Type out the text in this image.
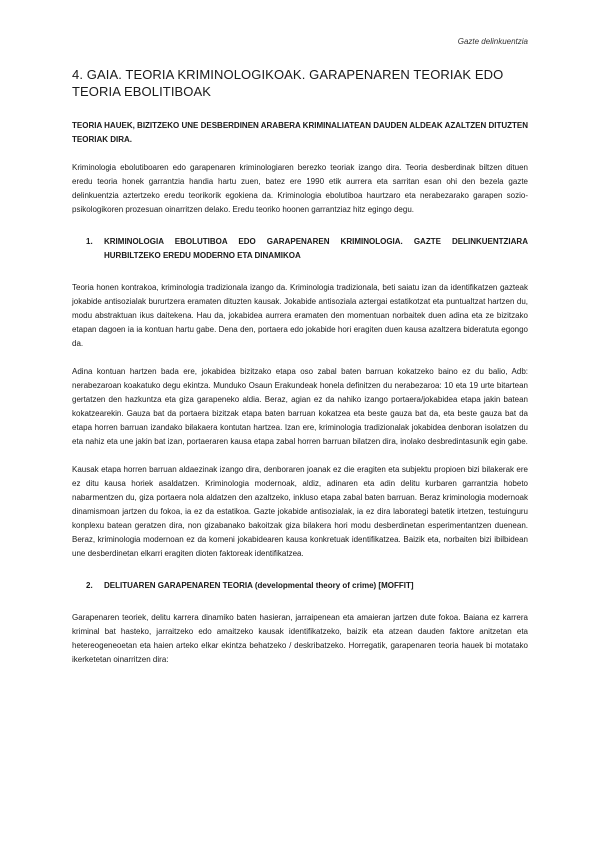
Gazte delinkuentzia
4. GAIA. TEORIA KRIMINOLOGIKOAK. GARAPENAREN TEORIAK EDO TEORIA EBOLITIBOAK
TEORIA HAUEK, BIZITZEKO UNE DESBERDINEN ARABERA KRIMINALIATEAN DAUDEN ALDEAK AZALTZEN DITUZTEN TEORIAK DIRA.

Kriminologia ebolutiboaren edo garapenaren kriminologiaren berezko teoriak izango dira. Teoria desberdinak biltzen dituen eredu teoria honek garrantzia handia hartu zuen, batez ere 1990 etik aurrera eta sarritan esan ohi den bezela gazte delinkuentzia aztertzeko eredu teorikorik egokiena da. Kriminologia ebolutiboa haurtzaro eta nerabezarako garapen sozio-psikologikoren prozesuan oinarritzen delako. Eredu teoriko hoonen garrantziaz hitz egingo degu.

1.	KRIMINOLOGIA EBOLUTIBOA EDO GARAPENAREN KRIMINOLOGIA. GAZTE DELINKUENTZIARA HURBILTZEKO EREDU MODERNO ETA DINAMIKOA

Teoria honen kontrakoa, kriminologia tradizionala izango da. Kriminologia tradizionala, beti saiatu izan da identifikatzen gazteak jokabide antisozialak bururtzera eramaten dituzten kausak. Jokabide antisoziala aztergai estatikotzat eta puntualtzat hartzen du, modu abstraktuan ikus daitekena. Hau da, jokabidea aurrera eramaten den momentuan norbaitek duen adina eta ze bizitzako etapan dagoen ia ia kontuan hartu gabe. Dena den, portaera edo jokabide hori eragiten duen kausa azaltzera bideratuta egongo da.

Adina kontuan hartzen bada ere, jokabidea bizitzako etapa oso zabal baten barruan kokatzeko baino ez du balio, Adb: nerabezaroan koakatuko degu ekintza. Munduko Osaun Erakundeak honela definitzen du nerabezaroa: 10 eta 19 urte bitartean gertatzen den hazkuntza eta giza garapeneko aldia. Beraz, agian ez da nahiko izango portaera/jokabidea etapa jakin batean kokatzearekin. Gauza bat da portaera bizitzak etapa baten barruan kokatzea eta beste gauza bat da, eta beste gauza bat da etapa horren barruan izandako bilakaera kontutan hartzea. Izan ere, kriminologia tradizionalak jokabidea denboran isolatzen du eta nahiz eta une jakin bat izan, portaeraren kausa etapa zabal horren barruan bilatzen dira, inolako desbredintasunik egin gabe.

Kausak etapa horren barruan aldaezinak izango dira, denboraren joanak ez die eragiten eta subjektu propioen bizi bilakerak ere ez ditu kausa horiek asaldatzen. Kriminologia modernoak, aldiz, adinaren eta adin delitu kurbaren garrantzia hobeto nabarmentzen du, giza portaera nola aldatzen den azaltzeko, inkluso etapa zabal baten barruan. Beraz kriminologia modernoak dinamismoan jartzen du fokoa, ia ez da estatikoa. Gazte jokabide antisozialak, ia ez dira laborategi batetik irtetzen, testuinguru konplexu batean geratzen dira, non gizabanako bakoitzak giza bilakera hori modu desberdinetan esperimentantzen duenean. Beraz, kriminologia modernoan ez da komeni jokabidearen kausa konkretuak identifikatzea. Baizik eta, norbaiten bizi ibilbidean une desberdinetan elkarri eragiten dioten faktoreak identifikatzea.

2.	DELITUAREN GARAPENAREN TEORIA (developmental theory of crime) [MOFFIT]

Garapenaren teoriek, delitu karrera dinamiko baten hasieran, jarraipenean eta amaieran jartzen dute fokoa. Baiana ez karrera kriminal bat hasteko, jarraitzeko edo amaitzeko kausak identifikatzeko, baizik eta atzean dauden faktore anitzetan eta hetereogeneoetan eta haien arteko elkar ekintza behatzeko / deskribatzeko. Horregatik, garapenaren teoria hauek bi motatako ikerketetan oinarritzen dira:
